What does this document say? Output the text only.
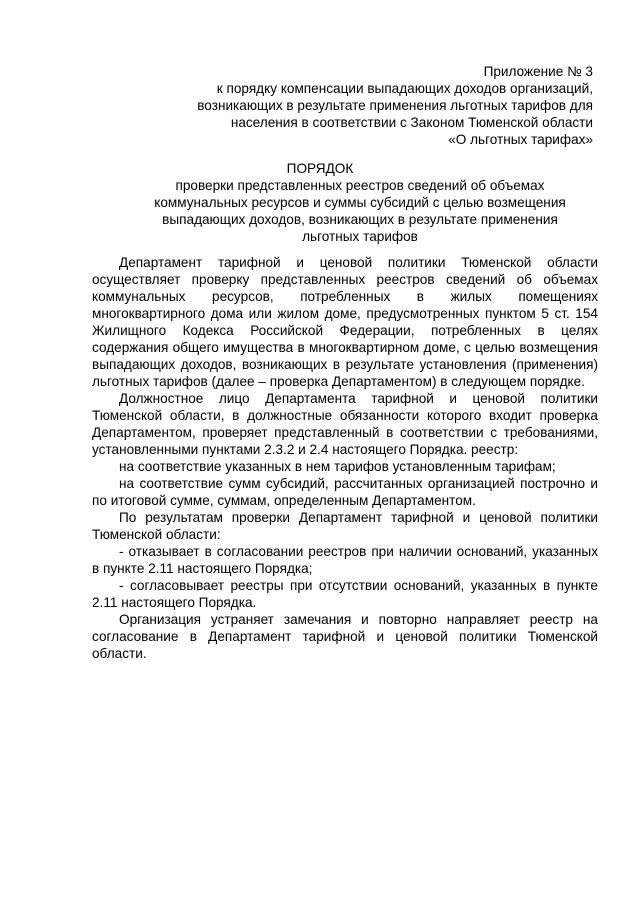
Приложение № 3
к порядку компенсации выпадающих доходов организаций,
возникающих в результате применения льготных тарифов для
населения в соответствии с Законом Тюменской области
«О льготных тарифах»
ПОРЯДОК
проверки представленных реестров сведений об объемах
коммунальных ресурсов и суммы субсидий с целью возмещения
выпадающих доходов, возникающих в результате применения
льготных тарифов

Департамент тарифной и ценовой политики Тюменской области осуществляет проверку представленных реестров сведений об объемах коммунальных ресурсов, потребленных в жилых помещениях многоквартирного дома или жилом доме, предусмотренных пунктом 5 ст. 154 Жилищного Кодекса Российской Федерации, потребленных в целях содержания общего имущества в многоквартирном доме, с целью возмещения выпадающих доходов, возникающих в результате установления (применения) льготных тарифов (далее – проверка Департаментом) в следующем порядке.

Должностное лицо Департамента тарифной и ценовой политики Тюменской области, в должностные обязанности которого входит проверка Департаментом, проверяет представленный в соответствии с требованиями, установленными пунктами 2.3.2 и 2.4 настоящего Порядка. реестр:

на соответствие указанных в нем тарифов установленным тарифам;

на соответствие сумм субсидий, рассчитанных организацией построчно и по итоговой сумме, суммам, определенным Департаментом.

По результатам проверки Департамент тарифной и ценовой политики Тюменской области:

- отказывает в согласовании реестров при наличии оснований, указанных в пункте 2.11 настоящего Порядка;

- согласовывает реестры при отсутствии оснований, указанных в пункте 2.11 настоящего Порядка.

Организация устраняет замечания и повторно направляет реестр на согласование в Департамент тарифной и ценовой политики Тюменской области.
